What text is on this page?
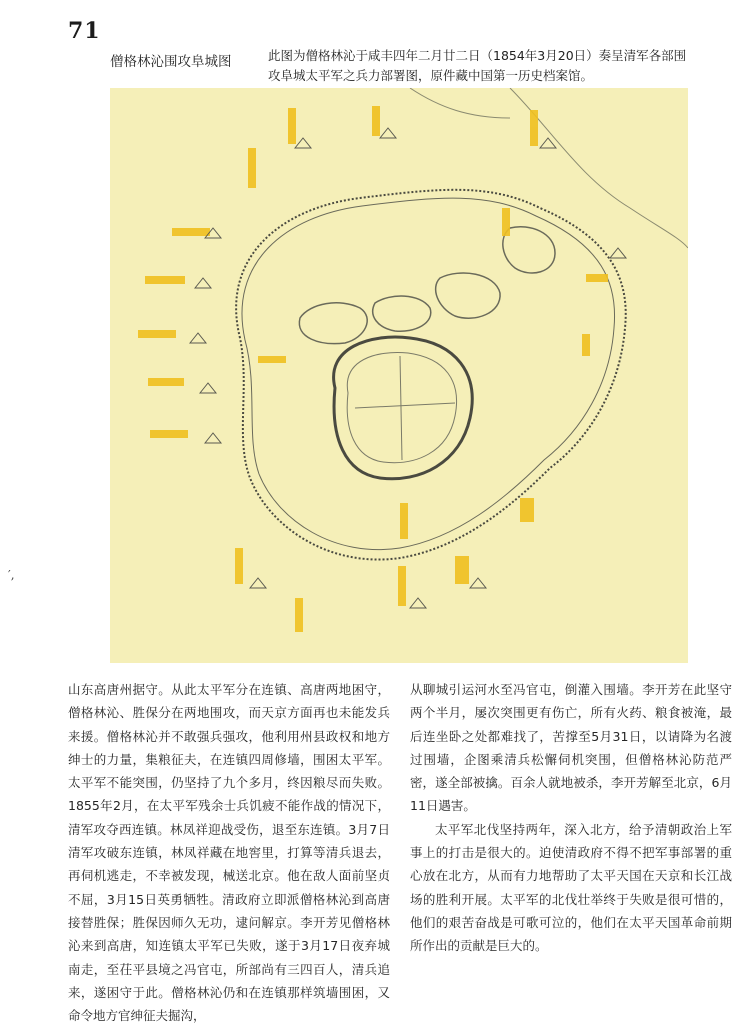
71
僧格林沁围攻阜城图	此图为僧格林沁于咸丰四年二月廿二日（1854年3月20日）奏呈清军各部围攻阜城太平军之兵力部署图，原件藏中国第一历史档案馆。
′,

山东高唐州据守。从此太平军分在连镇、高唐两地困守，僧格林沁、胜保分在两地围攻，而天京方面再也未能发兵来援。僧格林沁并不敢强兵强攻，他利用州县政权和地方绅士的力量，集粮征夫，在连镇四周修墙，围困太平军。太平军不能突围，仍坚持了九个多月，终因粮尽而失败。1855年2月，在太平军残余士兵饥疲不能作战的情况下，清军攻夺西连镇。林凤祥迎战受伤，退至东连镇。3月7日清军攻破东连镇，林凤祥藏在地窖里，打算等清兵退去，再伺机逃走，不幸被发现，械送北京。他在敌人面前坚贞不屈，3月15日英勇牺牲。清政府立即派僧格林沁到高唐接替胜保；胜保因师久无功，逮问解京。李开芳见僧格林沁来到高唐，知连镇太平军已失败，遂于3月17日夜弃城南走，至茌平县境之冯官屯，所部尚有三四百人，清兵追来，遂困守于此。僧格林沁仍和在连镇那样筑墙围困，又命令地方官绅征夫掘沟，

从聊城引运河水至冯官屯，倒灌入围墙。李开芳在此坚守两个半月，屡次突围更有伤亡，所有火药、粮食被淹，最后连坐卧之处都难找了，苦撑至5月31日，以请降为名渡过围墙，企图乘清兵松懈伺机突围，但僧格林沁防范严密，遂全部被擒。百余人就地被杀，李开芳解至北京，6月11日遇害。

太平军北伐坚持两年，深入北方，给予清朝政治上军事上的打击是很大的。迫使清政府不得不把军事部署的重心放在北方，从而有力地帮助了太平天国在天京和长江战场的胜利开展。太平军的北伐壮举终于失败是很可惜的，他们的艰苦奋战是可歌可泣的，他们在太平天国革命前期所作出的贡献是巨大的。
